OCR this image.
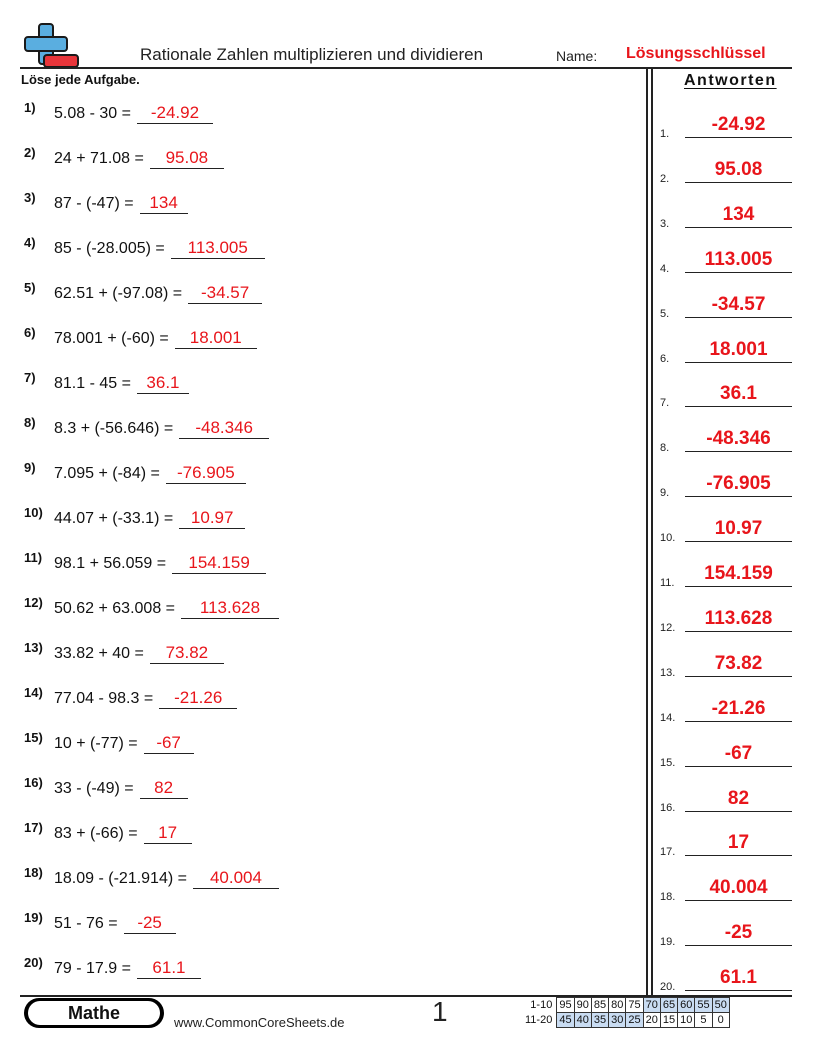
Rationale Zahlen multiplizieren und dividieren	Name: Lösungsschlüssel
Löse jede Aufgabe.	Antworten
1.	-24.92
2.	95.08
3.	134
4.	113.005
5.	-34.57
6.	18.001
7.	36.1
8.	-48.346
9.	-76.905
10.	10.97
11.	154.159
12.	113.628
13.	73.82
14.	-21.26
15.	-67
16.	82
17.	17
18.	40.004
19.	-25
20.	61.1
1) 5.08 - 30 = -24.92
2) 24 + 71.08 = 95.08
3) 87 - (-47) = 134
4) 85 - (-28.005) = 113.005
5) 62.51 + (-97.08) = -34.57
6) 78.001 + (-60) = 18.001
7) 81.1 - 45 = 36.1
8) 8.3 + (-56.646) = -48.346
9) 7.095 + (-84) = -76.905
10) 44.07 + (-33.1) = 10.97
11) 98.1 + 56.059 = 154.159
12) 50.62 + 63.008 = 113.628
13) 33.82 + 40 = 73.82
14) 77.04 - 98.3 = -21.26
15) 10 + (-77) = -67
16) 33 - (-49) = 82
17) 83 + (-66) = 17
18) 18.09 - (-21.914) = 40.004
19) 51 - 76 = -25
20) 79 - 17.9 = 61.1
Mathe	www.CommonCoreSheets.de	1	1-10	95	90	85	80	75	70	65	60	55	50
11-20	45	40	35	30	25	20	15	10	5	0
